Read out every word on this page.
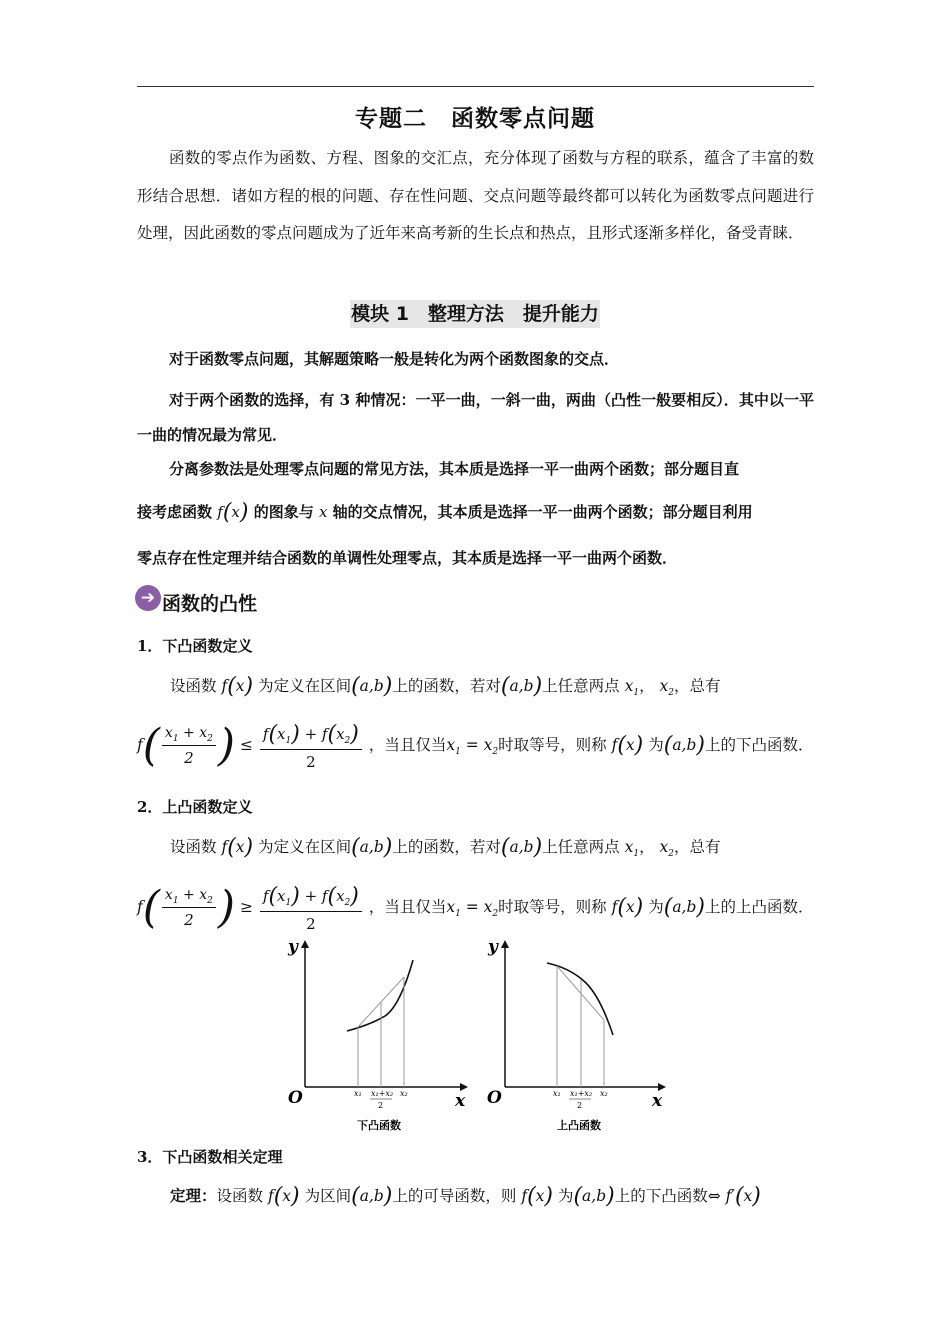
专题二　函数零点问题
函数的零点作为函数、方程、图象的交汇点，充分体现了函数与方程的联系，蕴含了丰富的数形结合思想．诸如方程的根的问题、存在性问题、交点问题等最终都可以转化为函数零点问题进行处理，因此函数的零点问题成为了近年来高考新的生长点和热点，且形式逐渐多样化，备受青睐．
模块 1　整理方法　提升能力
对于函数零点问题，其解题策略一般是转化为两个函数图象的交点．
对于两个函数的选择，有 3 种情况：一平一曲，一斜一曲，两曲（凸性一般要相反）．其中以一平一曲的情况最为常见．
分离参数法是处理零点问题的常见方法，其本质是选择一平一曲两个函数；部分题目直
接考虑函数 f(x) 的图象与 x 轴的交点情况，其本质是选择一平一曲两个函数；部分题目利用
零点存在性定理并结合函数的单调性处理零点，其本质是选择一平一曲两个函数．
➔ 函数的凸性
1．下凸函数定义
设函数 f(x) 为定义在区间(a,b)上的函数，若对(a,b)上任意两点 $x_1$， $x_2$，总有
$f( \frac{x_1 + x_2}{2}$ ) ≤ $\frac{f(x_1) + f(x_2)}{2}$ ，当且仅当$x_1 = x_2$时取等号，则称 f(x) 为(a,b)上的下凸函数．
2．上凸函数定义
设函数 f(x) 为定义在区间(a,b)上的函数，若对(a,b)上任意两点 $x_1$， $x_2$，总有
$f( \frac{x_1 + x_2}{2}$ ) ≥ $\frac{f(x_1) + f(x_2)}{2}$ ，当且仅当$x_1 = x_2$时取等号，则称 f(x) 为(a,b)上的上凸函数．
y
x
O	x₁ x₁+x₂
2
x₂
下凸函数
y
x
O	x₁ x₁+x₂
2
x₂
上凸函数
3．下凸函数相关定理
定理：设函数 f(x) 为区间(a,b)上的可导函数，则 f(x) 为(a,b)上的下凸函数⇔ f′(x)
